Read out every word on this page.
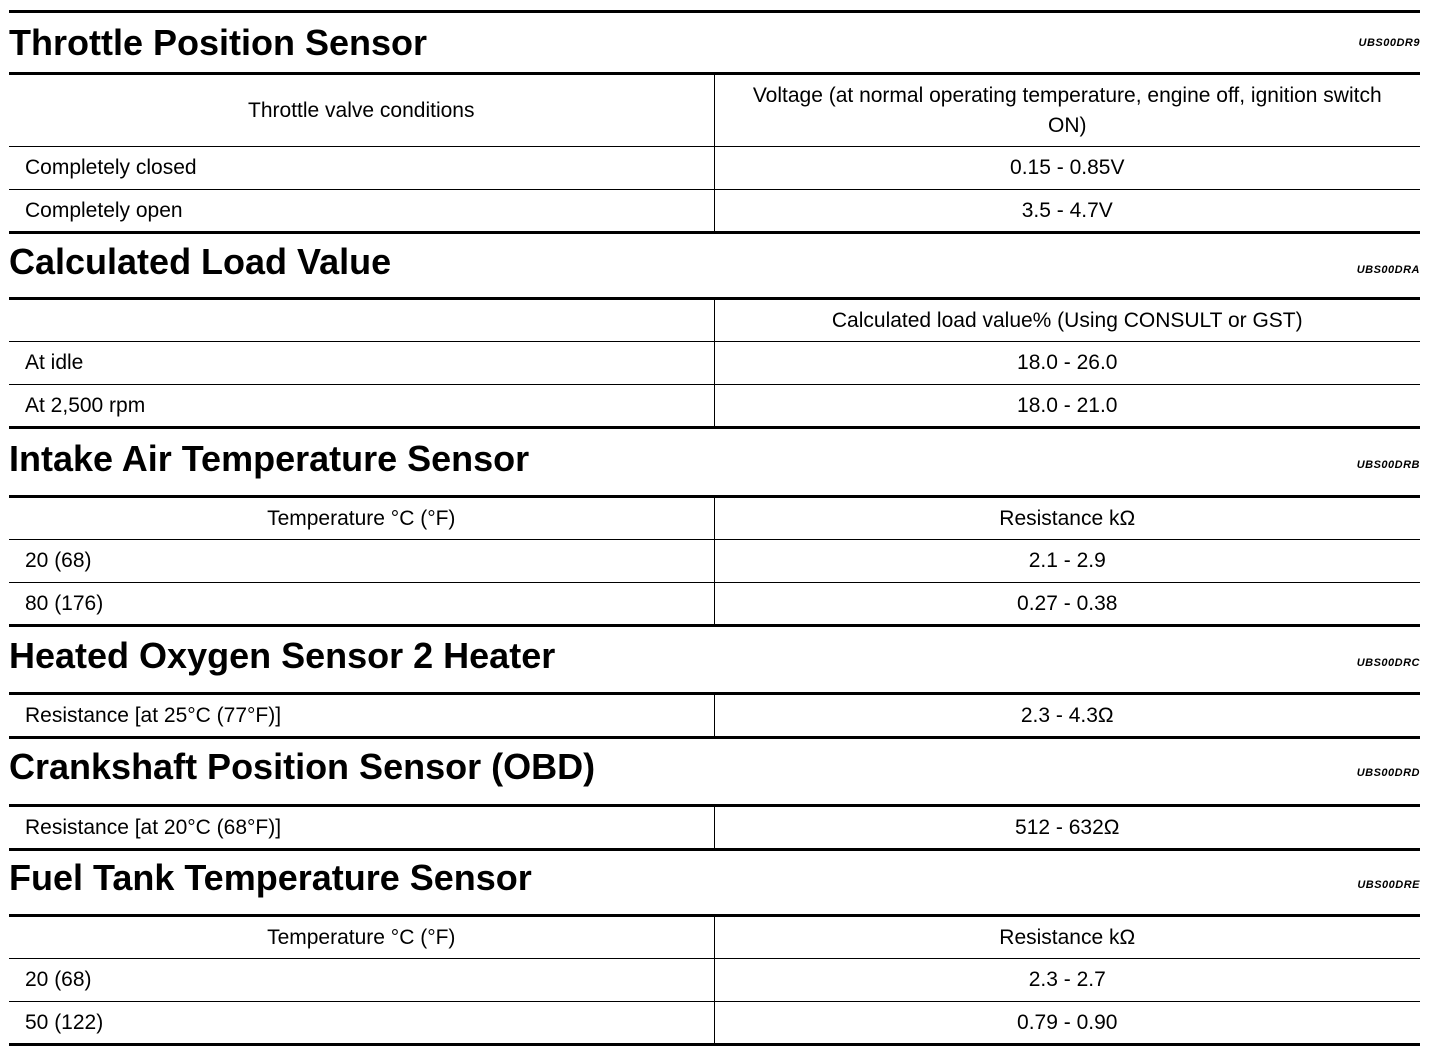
Throttle Position Sensor	UBS00DR9
Throttle valve conditions	Voltage (at normal operating temperature, engine off, ignition switch ON)
Completely closed	0.15 - 0.85V
Completely open	3.5 - 4.7V
Calculated Load Value	UBS00DRA
	Calculated load value% (Using CONSULT or GST)
At idle	18.0 - 26.0
At 2,500 rpm	18.0 - 21.0
Intake Air Temperature Sensor	UBS00DRB
Temperature °C (°F)	Resistance kΩ
20 (68)	2.1 - 2.9
80 (176)	0.27 - 0.38
Heated Oxygen Sensor 2 Heater	UBS00DRC
Resistance [at 25°C (77°F)]	2.3 - 4.3Ω
Crankshaft Position Sensor (OBD)	UBS00DRD
Resistance [at 20°C (68°F)]	512 - 632Ω
Fuel Tank Temperature Sensor	UBS00DRE
Temperature °C (°F)	Resistance kΩ
20 (68)	2.3 - 2.7
50 (122)	0.79 - 0.90
